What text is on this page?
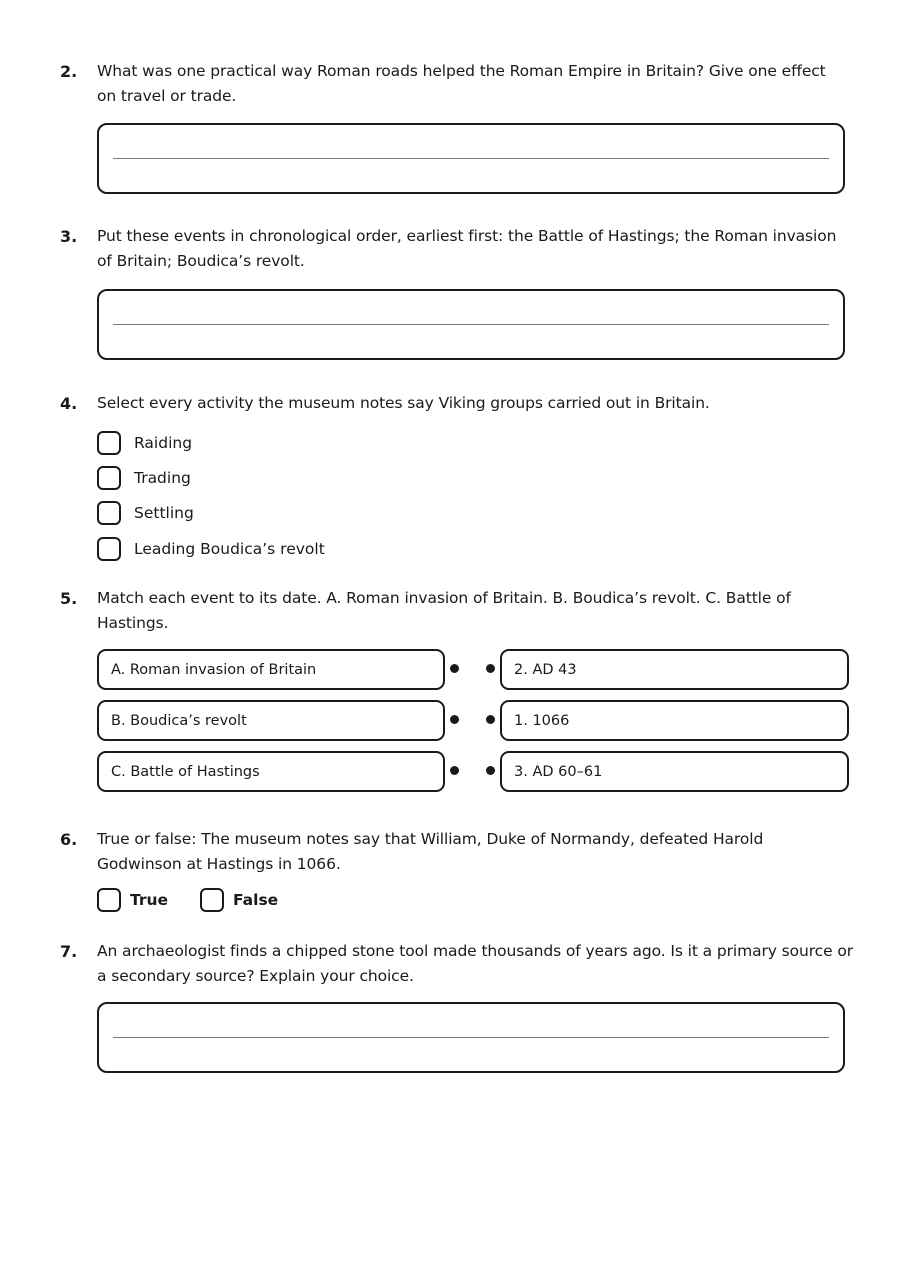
2. What was one practical way Roman roads helped the Roman Empire in Britain? Give one effect
on travel or trade.
3. Put these events in chronological order, earliest first: the Battle of Hastings; the Roman invasion
of Britain; Boudica’s revolt.
4. Select every activity the museum notes say Viking groups carried out in Britain.
Raiding
Trading
Settling
Leading Boudica’s revolt
5. Match each event to its date. A. Roman invasion of Britain. B. Boudica’s revolt. C. Battle of
Hastings.
A. Roman invasion of Britain
B. Boudica’s revolt
C. Battle of Hastings
2. AD 43
1. 1066
3. AD 60–61
6. True or false: The museum notes say that William, Duke of Normandy, defeated Harold
Godwinson at Hastings in 1066.
True	False
7. An archaeologist finds a chipped stone tool made thousands of years ago. Is it a primary source or
a secondary source? Explain your choice.
